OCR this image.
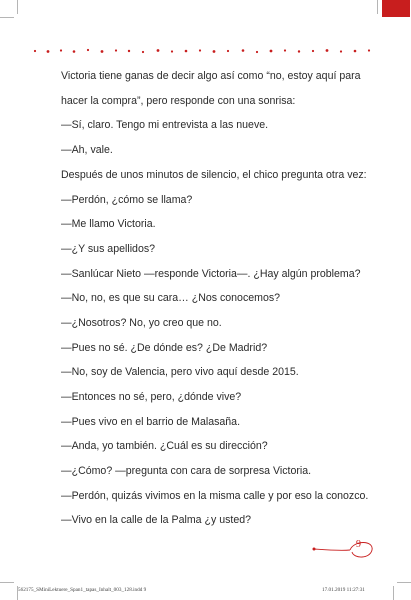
Victoria tiene ganas de decir algo así como “no, estoy aquí para
hacer la compra”, pero responde con una sonrisa:
—Sí, claro. Tengo mi entrevista a las nueve.
—Ah, vale.
Después de unos minutos de silencio, el chico pregunta otra vez:
—Perdón, ¿cómo se llama?
—Me llamo Victoria.
—¿Y sus apellidos?
—Sanlúcar Nieto —responde Victoria—. ¿Hay algún problema?
—No, no, es que su cara… ¿Nos conocemos?
—¿Nosotros? No, yo creo que no.
—Pues no sé. ¿De dónde es? ¿De Madrid?
—No, soy de Valencia, pero vivo aquí desde 2015.
—Entonces no sé, pero, ¿dónde vive?
—Pues vivo en el barrio de Malasaña.
—Anda, yo también. ¿Cuál es su dirección?
—¿Cómo? —pregunta con cara de sorpresa Victoria.
—Perdón, quizás vivimos en la misma calle y por eso la conozco.
—Vivo en la calle de la Palma ¿y usted?
9
562175_SMiniLektuere_Span1_tapas_Inhalt_003_128.indd 9	17.01.2019 11:27:31
